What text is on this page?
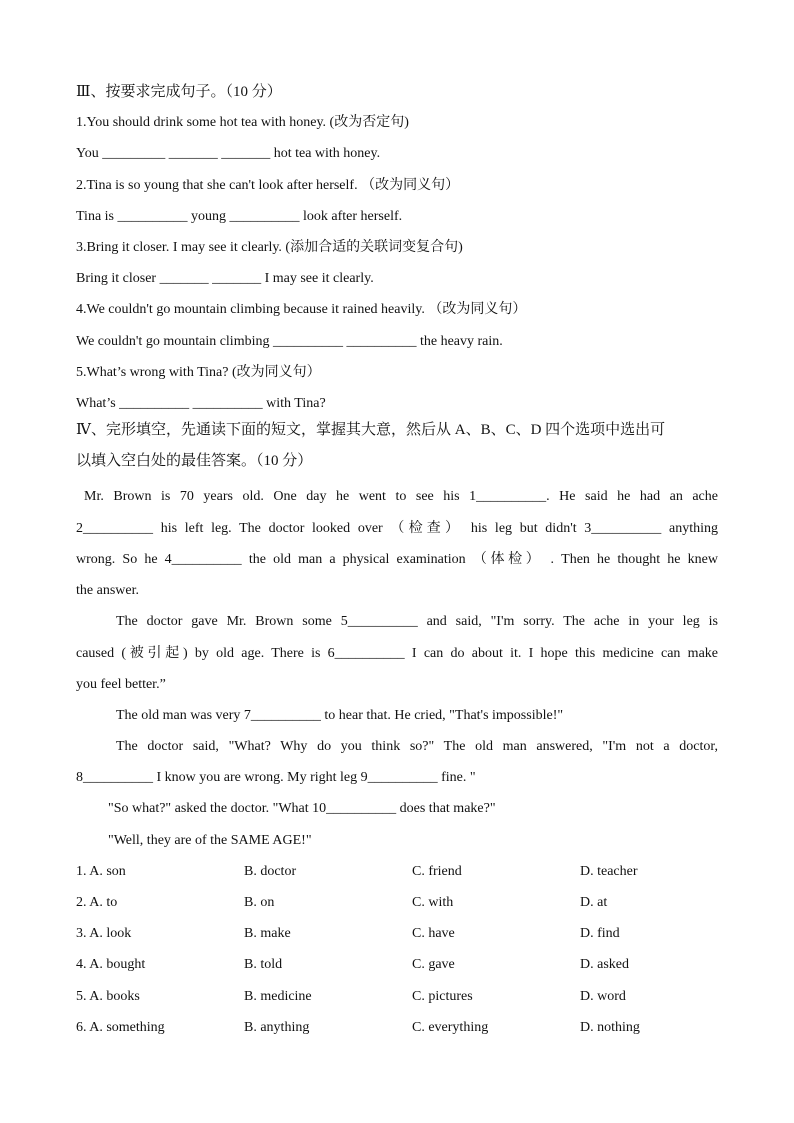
Ⅲ、按要求完成句子。（10 分）
1.You should drink some hot tea with honey. (改为否定句)
You _________ _______ _______ hot tea with honey.
2.Tina is so young that she can't look after herself. （改为同义句）
Tina is __________ young __________ look after herself.
3.Bring it closer. I may see it clearly. (添加合适的关联词变复合句)
Bring it closer _______ _______ I may see it clearly.
4.We couldn't go mountain climbing because it rained heavily. （改为同义句）
We couldn't go mountain climbing __________ __________ the heavy rain.
5.What’s wrong with Tina? (改为同义句）
What’s __________ __________ with Tina?
Ⅳ、完形填空，先通读下面的短文，掌握其大意，然后从 A、B、C、D 四个选项中选出可
以填入空白处的最佳答案。（10 分）
Mr. Brown is 70 years old. One day he went to see his 1__________. He said he had an ache
2__________ his left leg. The doctor looked over （检查） his leg but didn't 3__________ anything
wrong. So he 4__________ the old man a physical examination （体检） . Then he thought he knew
the answer.
The doctor gave Mr. Brown some 5__________ and said, "I'm sorry. The ache in your leg is
caused (被引起) by old age. There is 6__________ I can do about it. I hope this medicine can make
you feel better.”
The old man was very 7__________ to hear that. He cried, "That's impossible!"
The doctor said, "What? Why do you think so?" The old man answered, "I'm not a doctor,
8__________ I know you are wrong. My right leg 9__________ fine. "
"So what?" asked the doctor. "What 10__________ does that make?"
"Well, they are of the SAME AGE!"
1. A. son	B. doctor	C. friend	D. teacher
2. A. to	B. on	C. with	D. at
3. A. look	B. make	C. have	D. find
4. A. bought	B. told	C. gave	D. asked
5. A. books	B. medicine	C. pictures	D. word
6. A. something	B. anything	C. everything	D. nothing
